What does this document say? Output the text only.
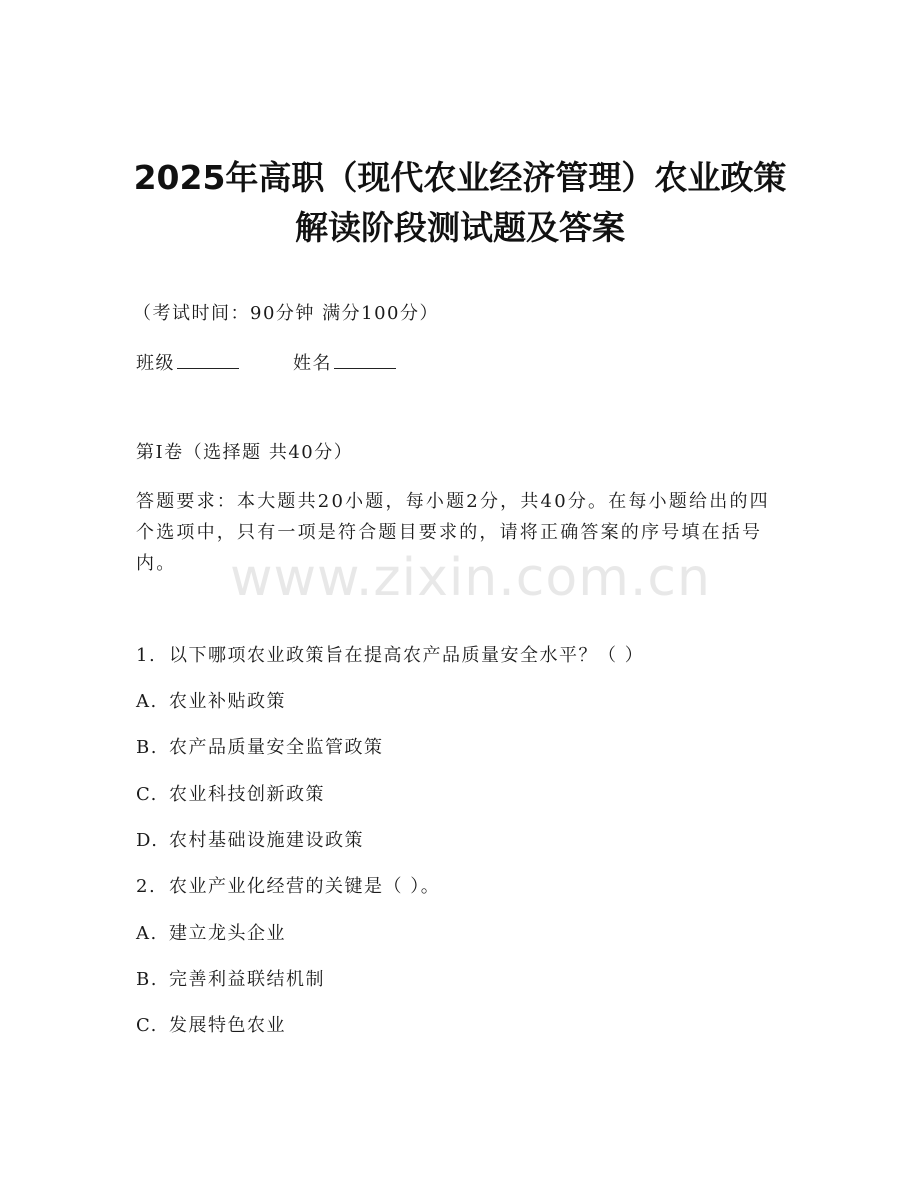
2025年高职（现代农业经济管理）农业政策
解读阶段测试题及答案
（考试时间：90分钟 满分100分）
班级	姓名
第Ⅰ卷（选择题 共40分）
答题要求：本大题共20小题，每小题2分，共40分。在每小题给出的四个选项中，只有一项是符合题目要求的，请将正确答案的序号填在括号内。	www.zixin.com.cn
1. 以下哪项农业政策旨在提高农产品质量安全水平？（ ）
A. 农业补贴政策
B. 农产品质量安全监管政策
C. 农业科技创新政策
D. 农村基础设施建设政策
2. 农业产业化经营的关键是（ ）。
A. 建立龙头企业
B. 完善利益联结机制
C. 发展特色农业
